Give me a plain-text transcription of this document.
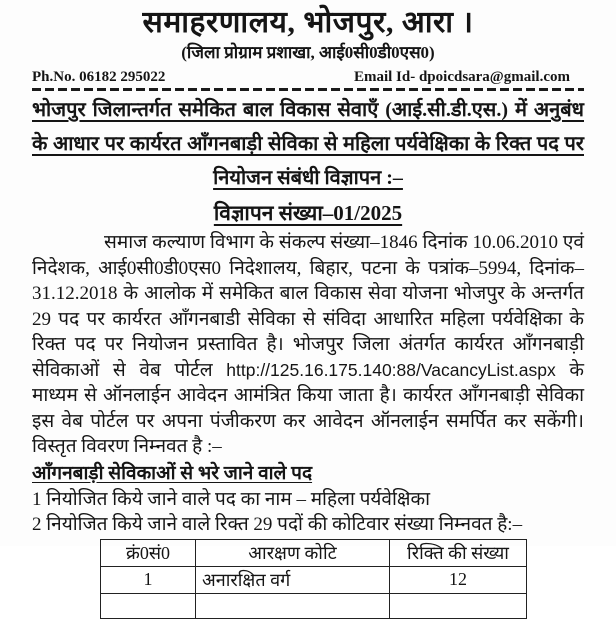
समाहरणालय, भोजपुर, आरा ।
(जिला प्रोग्राम प्रशाखा, आई0सी0डी0एस0)
Ph.No. 06182 295022	Email Id- dpoicdsara@gmail.com
भोजपुर जिलान्तर्गत समेकित बाल विकास सेवाएँ (आई.सी.डी.एस.) में अनुबंध के आधार पर कार्यरत आँगनबाड़ी सेविका से महिला पर्यवेक्षिका के रिक्त पद पर नियोजन संबंधी विज्ञापन :–
विज्ञापन संख्या–01/2025
समाज कल्याण विभाग के संकल्प संख्या–1846 दिनांक 10.06.2010 एवं निदेशक, आई0सी0डी0एस0 निदेशालय, बिहार, पटना के पत्रांक–5994, दिनांक–31.12.2018 के आलोक में समेकित बाल विकास सेवा योजना भोजपुर के अन्तर्गत 29 पद पर कार्यरत आँगनबाडी सेविका से संविदा आधारित महिला पर्यवेक्षिका के रिक्त पद पर नियोजन प्रस्तावित है। भोजपुर जिला अंतर्गत कार्यरत आँगनबाड़ी सेविकाओं से वेब पोर्टल http://125.16.175.140:88/VacancyList.aspx के माध्यम से ऑनलाईन आवेदन आमंत्रित किया जाता है। कार्यरत आँगनबाड़ी सेविका इस वेब पोर्टल पर अपना पंजीकरण कर आवेदन ऑनलाईन समर्पित कर सकेंगी। विस्तृत विवरण निम्नवत है :–
आँगनबाड़ी सेविकाओं से भरे जाने वाले पद
1 नियोजित किये जाने वाले पद का नाम – महिला पर्यवेक्षिका
2 नियोजित किये जाने वाले रिक्त 29 पदों की कोटिवार संख्या निम्नवत है:–
क्रं0सं0	आरक्षण कोटि	रिक्ति की संख्या
1	अनारक्षित वर्ग	12
